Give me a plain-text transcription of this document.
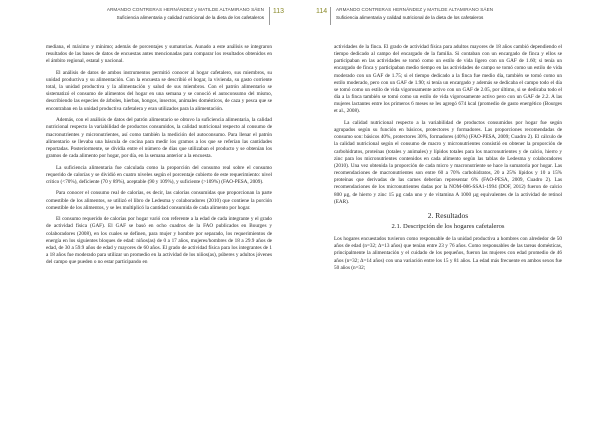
ARMANDO CONTRERAS HERNÁNDEZ y MATILDE ALTAMIRANO SÁEN
Suficiencia alimentaria y calidad nutricional de la dieta de los cafetaleros
113

mediana, el máximo y mínimo; además de porcentajes y sumatorias. Aunado a este análisis se integraron resultados de las bases de datos de encuestas antes mencionadas para comparar los resultados obtenidos en el ámbito regional, estatal y nacional.

El análisis de datos de ambos instrumentos permitió conocer al hogar cafetalero, sus miembros, su unidad productiva y su alimentación. Con la encuesta se describió el hogar, la vivienda, su gasto corriente total, la unidad productiva y la alimentación y salud de sus miembros. Con el patrón alimentario se sistematizó el consumo de alimentos del hogar en una semana y se conoció el autoconsumo del mismo, describiendo las especies de árboles, hierbas, hongos, insectos, animales domésticos, de caza y pesca que se encontraban en la unidad productiva cafetalera y eran utilizados para la alimentación.

Además, con el análisis de datos del patrón alimentario se obtuvo la suficiencia alimentaria, la calidad nutricional respecto la variabilidad de productos consumidos, la calidad nutricional respecto al consumo de macronutrientes y micronutrientes, así como también la medición del autoconsumo. Para llenar el patrón alimentario se llevaba una báscula de cocina para medir los gramos a los que se referían las cantidades reportadas. Posteriormente, se dividía entre el número de días que utilizaban el producto y se obtenían los gramos de cada alimento por hogar, por día, en la semana anterior a la encuesta.

La suficiencia alimentaria fue calculada como la proporción del consumo real sobre el consumo requerido de calorías y se dividió en cuatro niveles según el porcentaje cubierto de este requerimiento: nivel crítico (<70%), deficiente (70 y 89%), aceptable (90 y 109%), y suficiente (>109%) (FAO-PESA, 2009).

Para conocer el consumo real de calorías, es decir, las calorías consumidas que proporcionan la parte comestible de los alimentos, se utilizó el libro de Ledesma y colaboradores (2010) que contiene la porción comestible de los alimentos, y se les multiplicó la cantidad consumida de cada alimento por hogar.

El consumo requerido de calorías por hogar varió con referente a la edad de cada integrante y el grado de actividad física (GAF). El GAF se basó en ocho cuadros de la FAO publicados en Bourges y colaboradores (2008), en los cuales se definen, para mujer y hombre por separado, los requerimientos de energía en los siguientes bloques de edad: niños(as) de 0 a 17 años, mujeres/hombres de 18 a 29.9 años de edad, de 30 a 59.9 años de edad y mayores de 60 años. El grado de actividad física para los integrantes de 1 a 18 años fue moderado para utilizar un promedio en la actividad de los niños(as), púberes y adultos jóvenes del campo que pueden o no estar participando en

114 ARMANDO CONTRERAS HERNÁNDEZ y MATILDE ALTAMIRANO SÁEN
Suficiencia alimentaria y calidad nutricional de la dieta de los cafetaleros

actividades de la finca. El grado de actividad física para adultos mayores de 18 años cambió dependiendo el tiempo dedicado al campo del encargado de la familia. Si contaban con un encargado de finca y ellos se participaban en las actividades se tomó como un estilo de vida ligero con un GAF de 1.60; si tenía un encargado de finca y participaban medio tiempo en las actividades de campo se tomó como un estilo de vida moderado con un GAF de 1.75; si el tiempo dedicado a la finca fue medio día, también se tomó como un estilo moderado, pero con un GAF de 1.90; si tenía un encargado y además se dedicaba el campo todo el día se tomó como un estilo de vida vigorosamente activo con un GAF de 2.05, por último, si se dedicaba todo el día a la finca también se tomó como un estilo de vida vigorosamente activo pero con un GAF de 2.2. A las mujeres lactantes entre los primeros 6 meses se les agregó 674 kcal (promedio de gasto energético (Bourges et al., 2008).

La calidad nutricional respecto a la variabilidad de productos consumidos por hogar fue según agrupados según su función en básicos, protectores y formadores. Las proporciones recomendadas de consumo son: básicos 40%, protectores 30%, formadores (40%) (FAO-PESA, 2009; Cuadro 2). El cálculo de la calidad nutricional según el consumo de macro y micronutrientes consistió en obtener la proporción de carbohidratos, proteínas (totales y animales) y lípidos totales para los macronutrientes y de calcio, hierro y zinc para los micronutrientes contenidos en cada alimento según las tablas de Ledesma y colaboradores (2010). Una vez obtenida la proporción de cada micro y macronutriente se hace la sumatoria por hogar. Las recomendaciones de macronutrientes son entre 60 a 70% carbohidratos, 20 a 25% lípidos y 10 a 15% proteínas que derivadas de las carnes deberían representar 6% (FAO-PESA, 2009, Cuadro 2). Las recomendaciones de los micronutrientes dadas por la NOM-086-SSA1-1994 (DOF, 2012) fueron de calcio 800 µg, de hierro y zinc 15 µg cada uno y de vitamina A 1000 µg equivalentes de la actividad de retinol (EAR).

2. Resultados
2.1. Descripción de los hogares cafetaleros

Los hogares encuestados tuvieron como responsable de la unidad productiva a hombres con alrededor de 50 años de edad (n=32; Δ=13 años) que tenían entre 23 y 76 años. Como responsables de las tareas domésticas, principalmente la alimentación y el cuidado de los pequeños, fueron las mujeres con edad promedio de 46 años (n=32; Δ=14 años) con una variación entre los 15 y 81 años. La edad más frecuente en ambos sexos fue 50 años (n=32;
